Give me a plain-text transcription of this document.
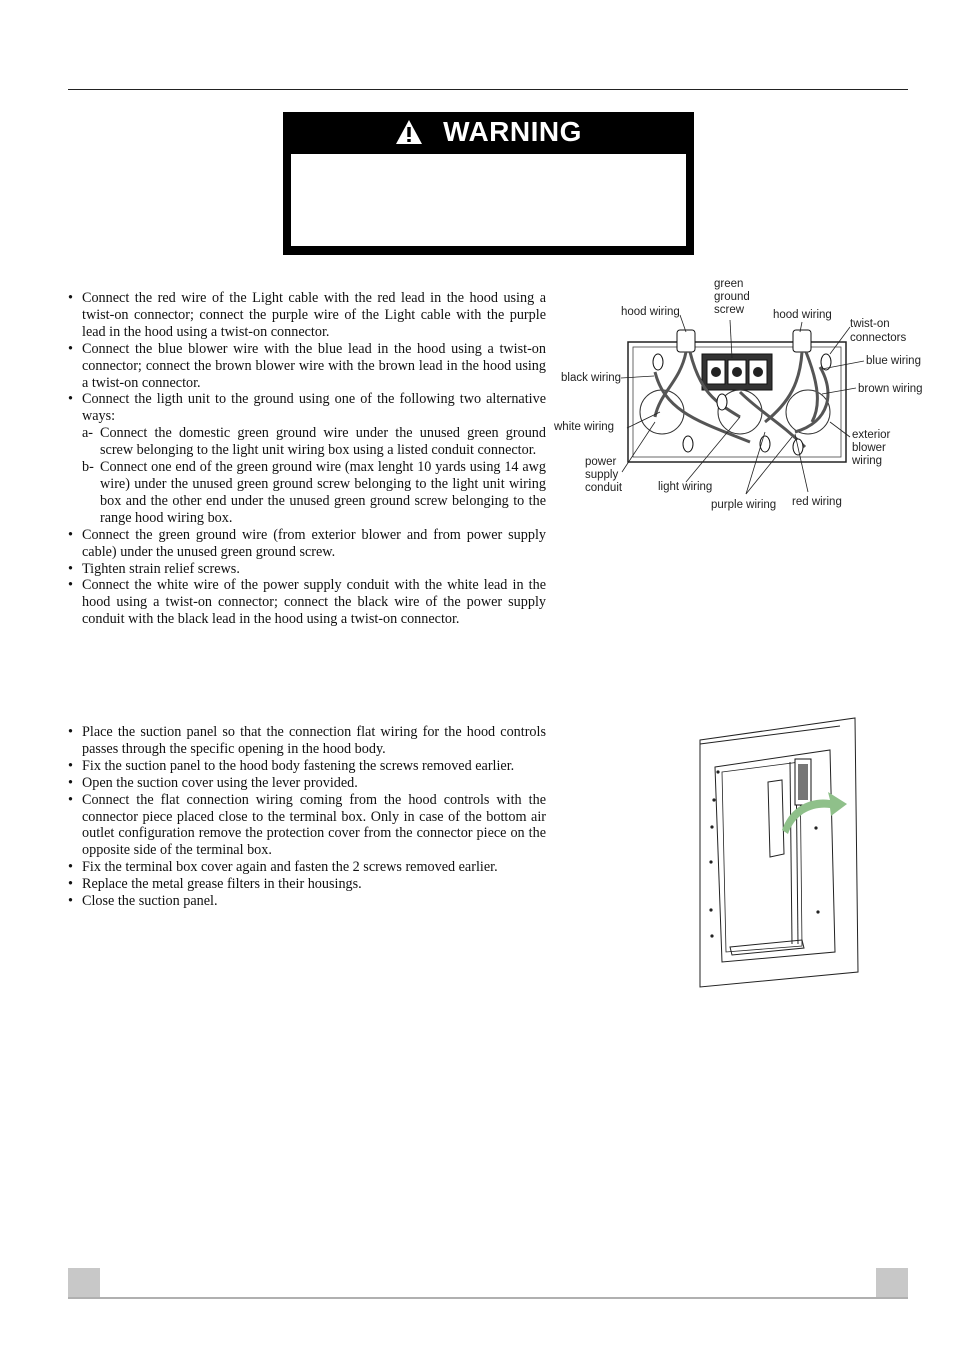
WARNING
• Connect the red wire of the Light cable with the red lead in the hood using a twist-on connector; connect the purple wire of the Light cable with the purple lead in the hood using a twist-on connector.
• Connect the blue blower wire with the blue lead in the hood using a twist-on connector; connect the brown blower wire with the brown lead in the hood using a twist-on connector.
• Connect the ligth unit to the ground using one of the following two alternative ways:
a- Connect the domestic green ground wire under the unused green ground screw belonging to the light unit wiring box using a listed conduit connector.
b- Connect one end of the green ground wire (max lenght 10 yards using 14 awg wire) under the unused green ground screw belonging to the light unit wiring box and the other end under the unused green ground screw belonging to the range hood wiring box.
• Connect the green ground wire (from exterior blower and from power supply cable) under the unused green ground screw.
• Tighten strain relief screws.
• Connect the white wire of the power supply conduit with the white lead in the hood using a twist-on connector; connect the black wire of the power supply conduit with the black lead in the hood using a twist-on connector.
• Place the suction panel so that the connection flat wiring for the hood controls passes through the specific opening in the hood body.
• Fix the suction panel to the hood body fastening the screws removed earlier.
• Open the suction cover using the lever provided.
• Connect the flat connection wiring coming from the hood controls with the connector piece placed close to the terminal box. Only in case of the bottom air outlet configuration remove the protection cover from the connector piece on the opposite side of the terminal box.
• Fix the terminal box cover again and fasten the 2 screws removed earlier.
• Replace the metal grease filters in their housings.
• Close the suction panel.
green
ground
screw
hood wiring	hood wiring
twist-on
connectors
blue wiring
black wiring
brown wiring
white wiring
exterior
blower
wiring
power
supply
conduit	light wiring
purple wiring red wiring
